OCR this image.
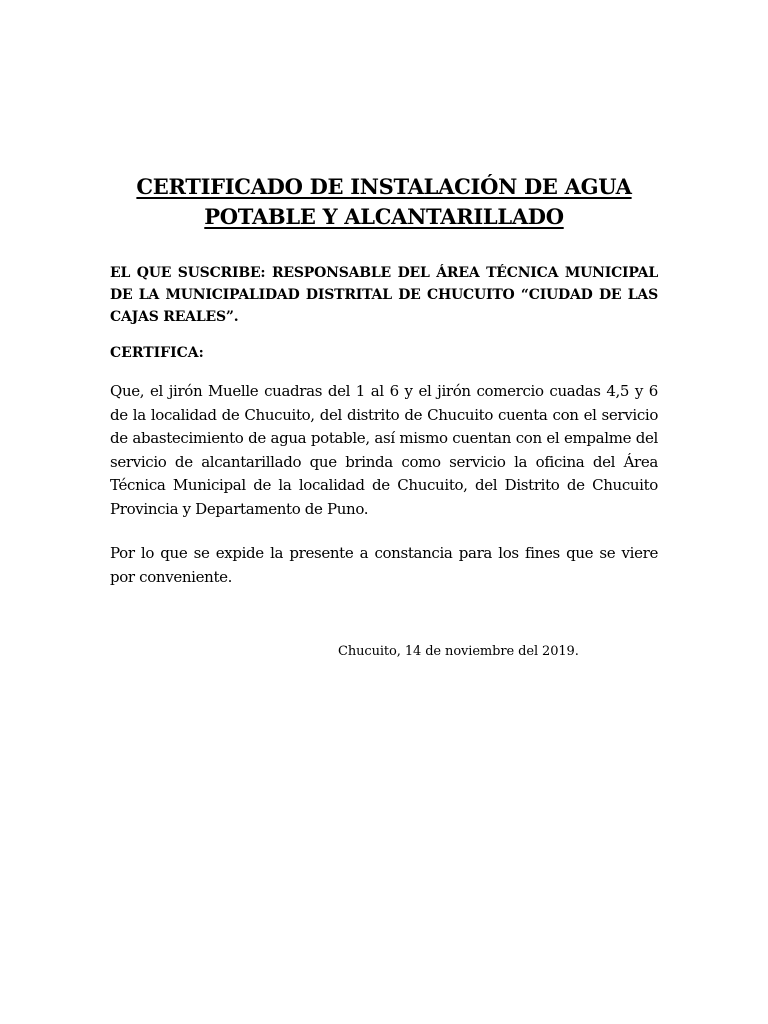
CERTIFICADO DE INSTALACIÓN DE AGUA
POTABLE Y ALCANTARILLADO
EL QUE SUSCRIBE: RESPONSABLE DEL ÁREA TÉCNICA MUNICIPAL DE LA MUNICIPALIDAD DISTRITAL DE CHUCUITO “CIUDAD DE LAS CAJAS REALES”.
CERTIFICA:
Que, el jirón Muelle cuadras del 1 al 6 y el jirón comercio cuadas 4,5 y 6 de la localidad de Chucuito, del distrito de Chucuito cuenta con el servicio de abastecimiento de agua potable, así mismo cuentan con el empalme del servicio de alcantarillado que brinda como servicio la oficina del Área Técnica Municipal de la localidad de Chucuito, del Distrito de Chucuito Provincia y Departamento de Puno.
Por lo que se expide la presente a constancia para los fines que se viere por conveniente.
Chucuito, 14 de noviembre del 2019.
